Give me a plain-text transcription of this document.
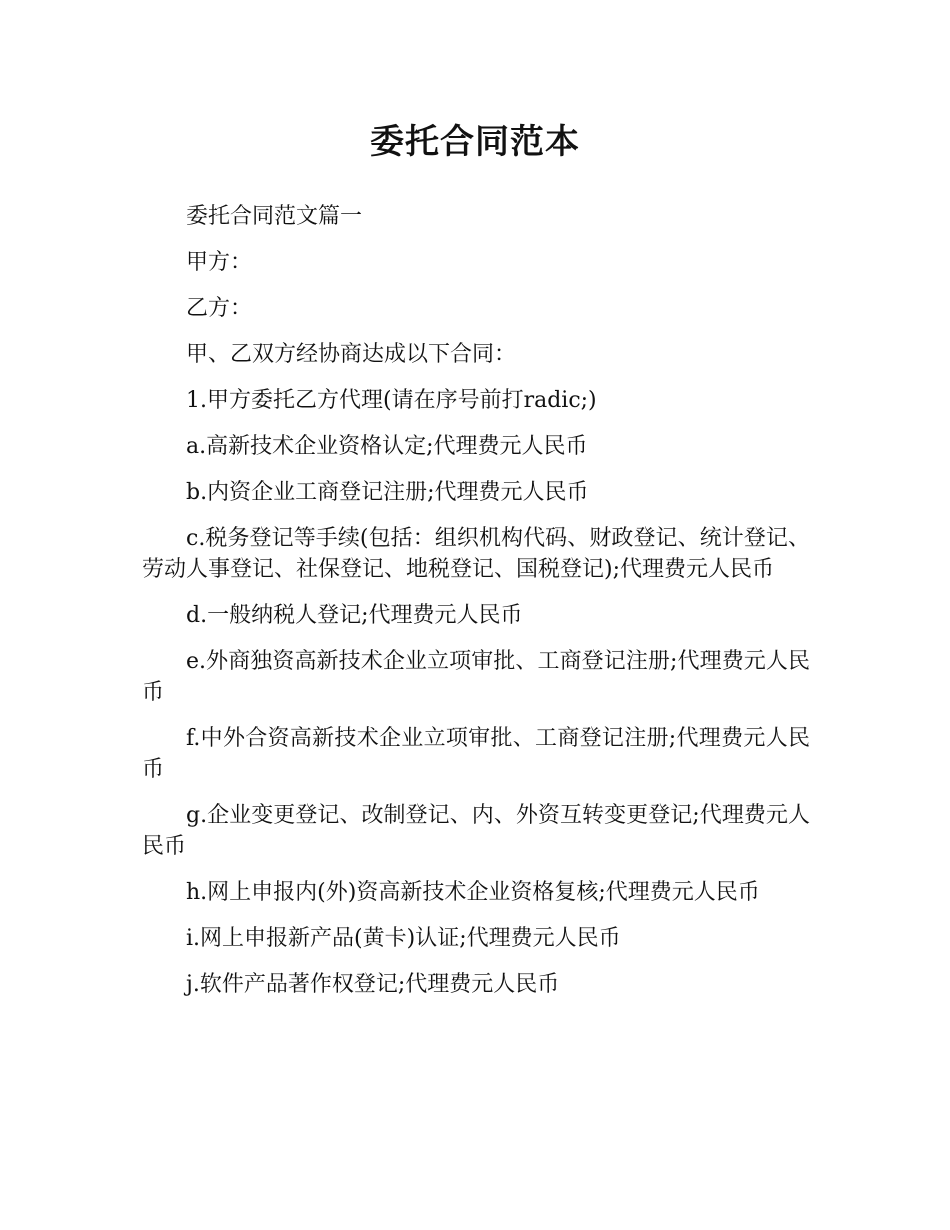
委托合同范本

委托合同范文篇一

甲方：

乙方：

甲、乙双方经协商达成以下合同：

1.甲方委托乙方代理(请在序号前打radic;)

a.高新技术企业资格认定;代理费元人民币

b.内资企业工商登记注册;代理费元人民币

c.税务登记等手续(包括：组织机构代码、财政登记、统计登记、劳动人事登记、社保登记、地税登记、国税登记);代理费元人民币

d.一般纳税人登记;代理费元人民币

e.外商独资高新技术企业立项审批、工商登记注册;代理费元人民币

f.中外合资高新技术企业立项审批、工商登记注册;代理费元人民币

g.企业变更登记、改制登记、内、外资互转变更登记;代理费元人民币

h.网上申报内(外)资高新技术企业资格复核;代理费元人民币

i.网上申报新产品(黄卡)认证;代理费元人民币

j.软件产品著作权登记;代理费元人民币
